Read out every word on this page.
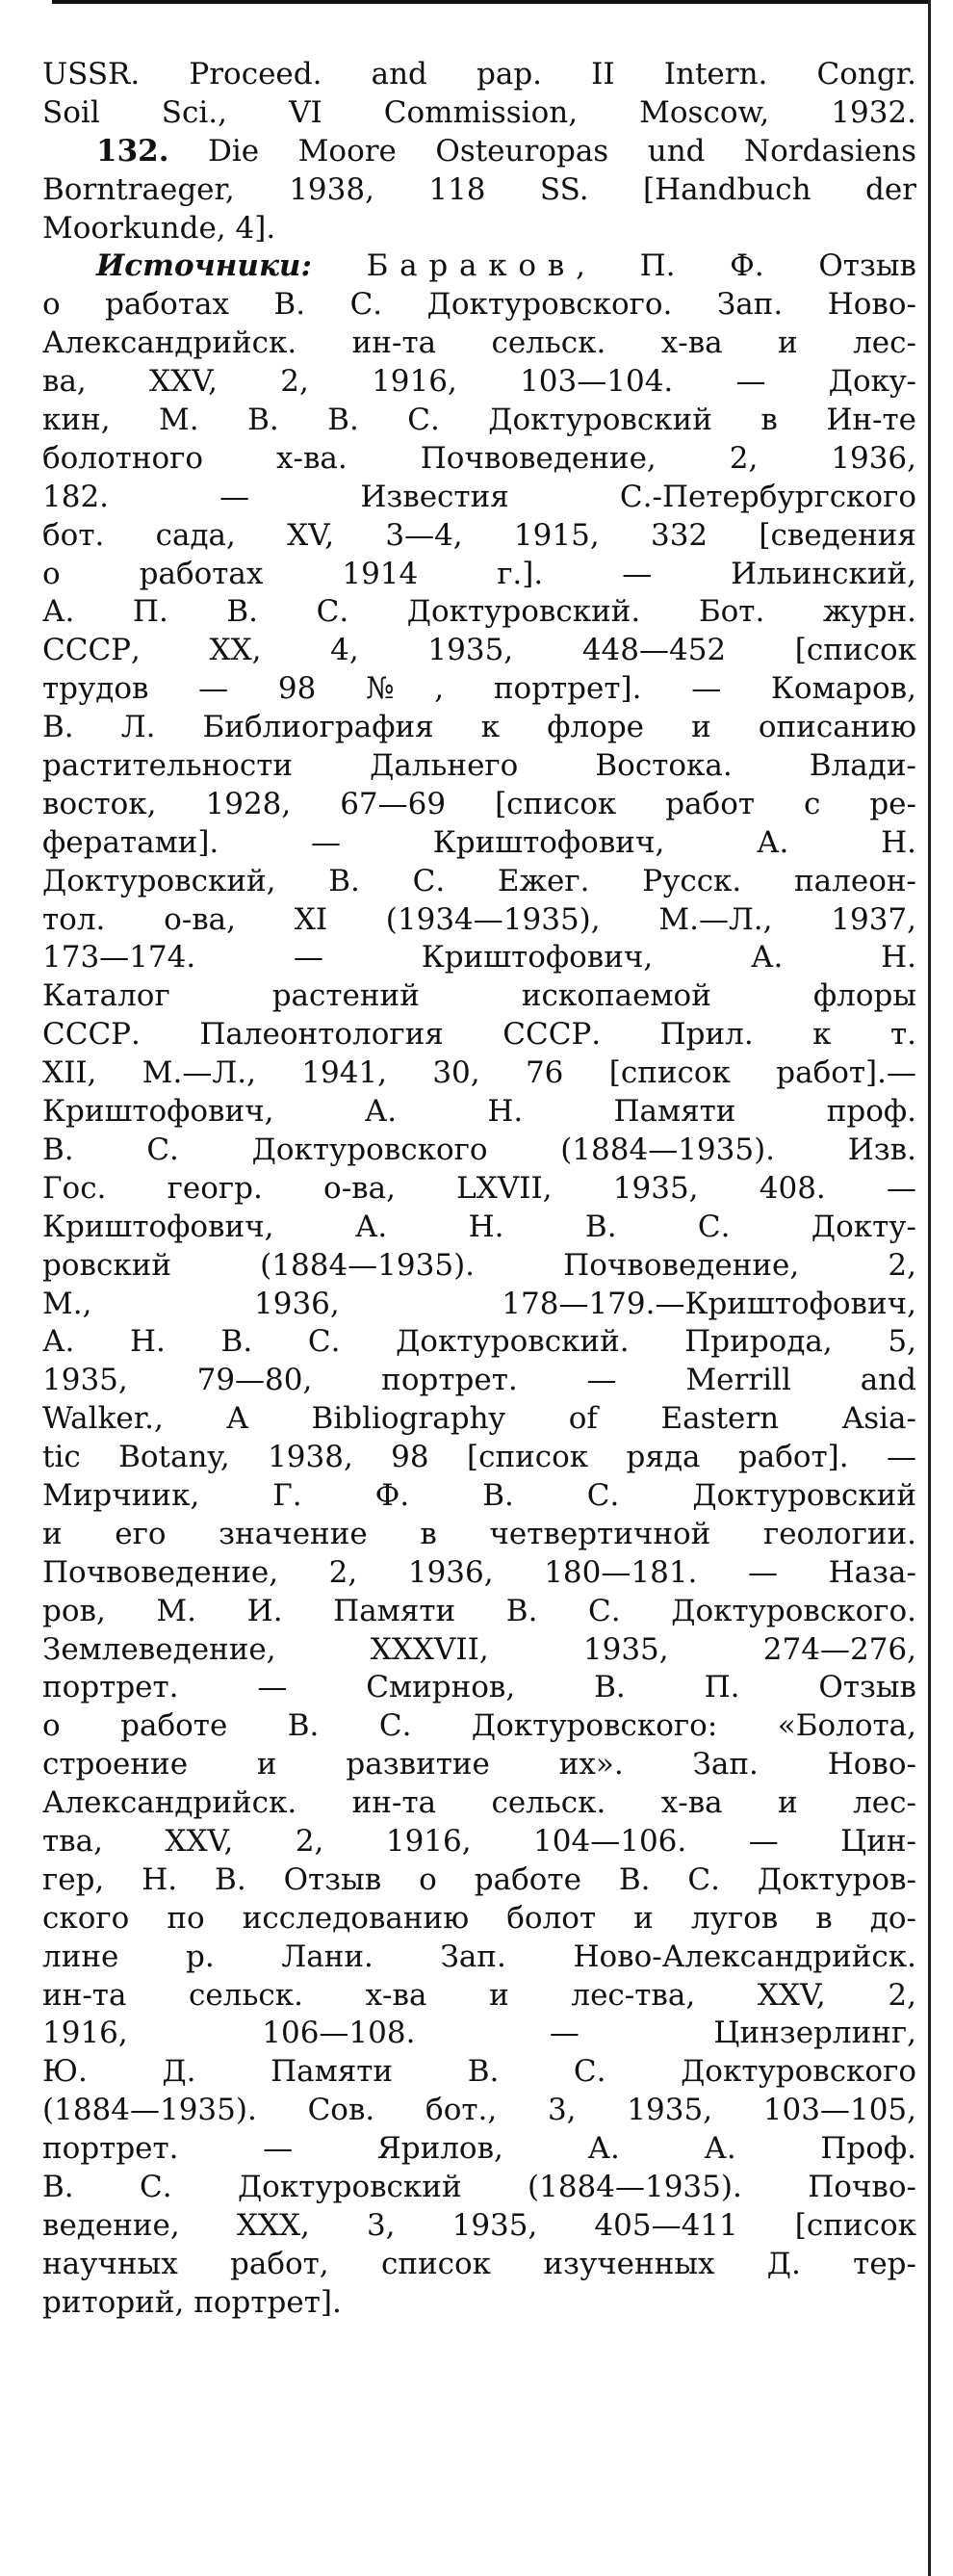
USSR. Proceed. and pap. II Intern. Congr.
Soil Sci., VI Commission, Moscow, 1932.
132. Die Moore Osteuropas und Nordasiens
Borntraeger, 1938, 118 SS. [Handbuch der
Moorkunde, 4].
Источники: Бараков, П. Ф. Отзыв
о работах В. С. Доктуровского. Зап. Ново-
Александрийск. ин-та сельск. х-ва и лес-
ва, XXV, 2, 1916, 103—104. — Докy-
кин, М. В. В. С. Доктуровский в Ин-те
болотного х-ва. Почвоведение, 2, 1936,
182. — Известия С.-Петербургского
бот. сада, XV, 3—4, 1915, 332 [сведения
о работах 1914 г.]. — Ильинский,
А. П. В. С. Доктуровский. Бот. журн.
СССР, XX, 4, 1935, 448—452 [список
трудов — 98 №, портрет]. — Комаров,
В. Л. Библиография к флоре и описанию
растительности Дальнего Востока. Влади-
восток, 1928, 67—69 [список работ с ре-
фератами]. — Криштофович, А. Н.
Доктуровский, В. С. Ежег. Русск. палеон-
тол. о-ва, XI (1934—1935), М.—Л., 1937,
173—174. — Криштофович, А. Н.
Каталог растений ископаемой флоры
СССР. Палеонтология СССР. Прил. к т.
XII, М.—Л., 1941, 30, 76 [список работ].—
Криштофович, А. Н. Памяти проф.
В. С. Доктуровского (1884—1935). Изв.
Гос. геогр. о-ва, LXVII, 1935, 408. —
Криштофович, А. Н. В. С. Докту-
ровский (1884—1935). Почвоведение, 2,
М., 1936, 178—179.—Криштофович,
А. Н. В. С. Доктуровский. Природа, 5,
1935, 79—80, портрет. — Merrill and
Walker., A Bibliography of Eastern Asia-
tic Botany, 1938, 98 [список ряда работ]. —
Мирчиик, Г. Ф. В. С. Доктуровский
и его значение в четвертичной геологии.
Почвоведение, 2, 1936, 180—181. — Наза-
ров, М. И. Памяти В. С. Доктуровского.
Землеведение, XXXVII, 1935, 274—276,
портрет. — Смирнов, В. П. Отзыв
о работе В. С. Доктуровского: «Болота,
строение и развитие их». Зап. Ново-
Александрийск. ин-та сельск. х-ва и лес-
тва, XXV, 2, 1916, 104—106. — Цин-
гер, Н. В. Отзыв о работе В. С. Доктуров-
ского по исследованию болот и лугов в до-
лине р. Лани. Зап. Ново-Александрийск.
ин-та сельск. х-ва и лес-тва, XXV, 2,
1916, 106—108. — Цинзерлинг,
Ю. Д. Памяти В. С. Доктуровского
(1884—1935). Сов. бот., 3, 1935, 103—105,
портрет. — Ярилов, А. А. Проф.
В. С. Доктуровский (1884—1935). Почво-
ведение, XXX, 3, 1935, 405—411 [список
научных работ, список изученных Д. тер-
риторий, портрет].
